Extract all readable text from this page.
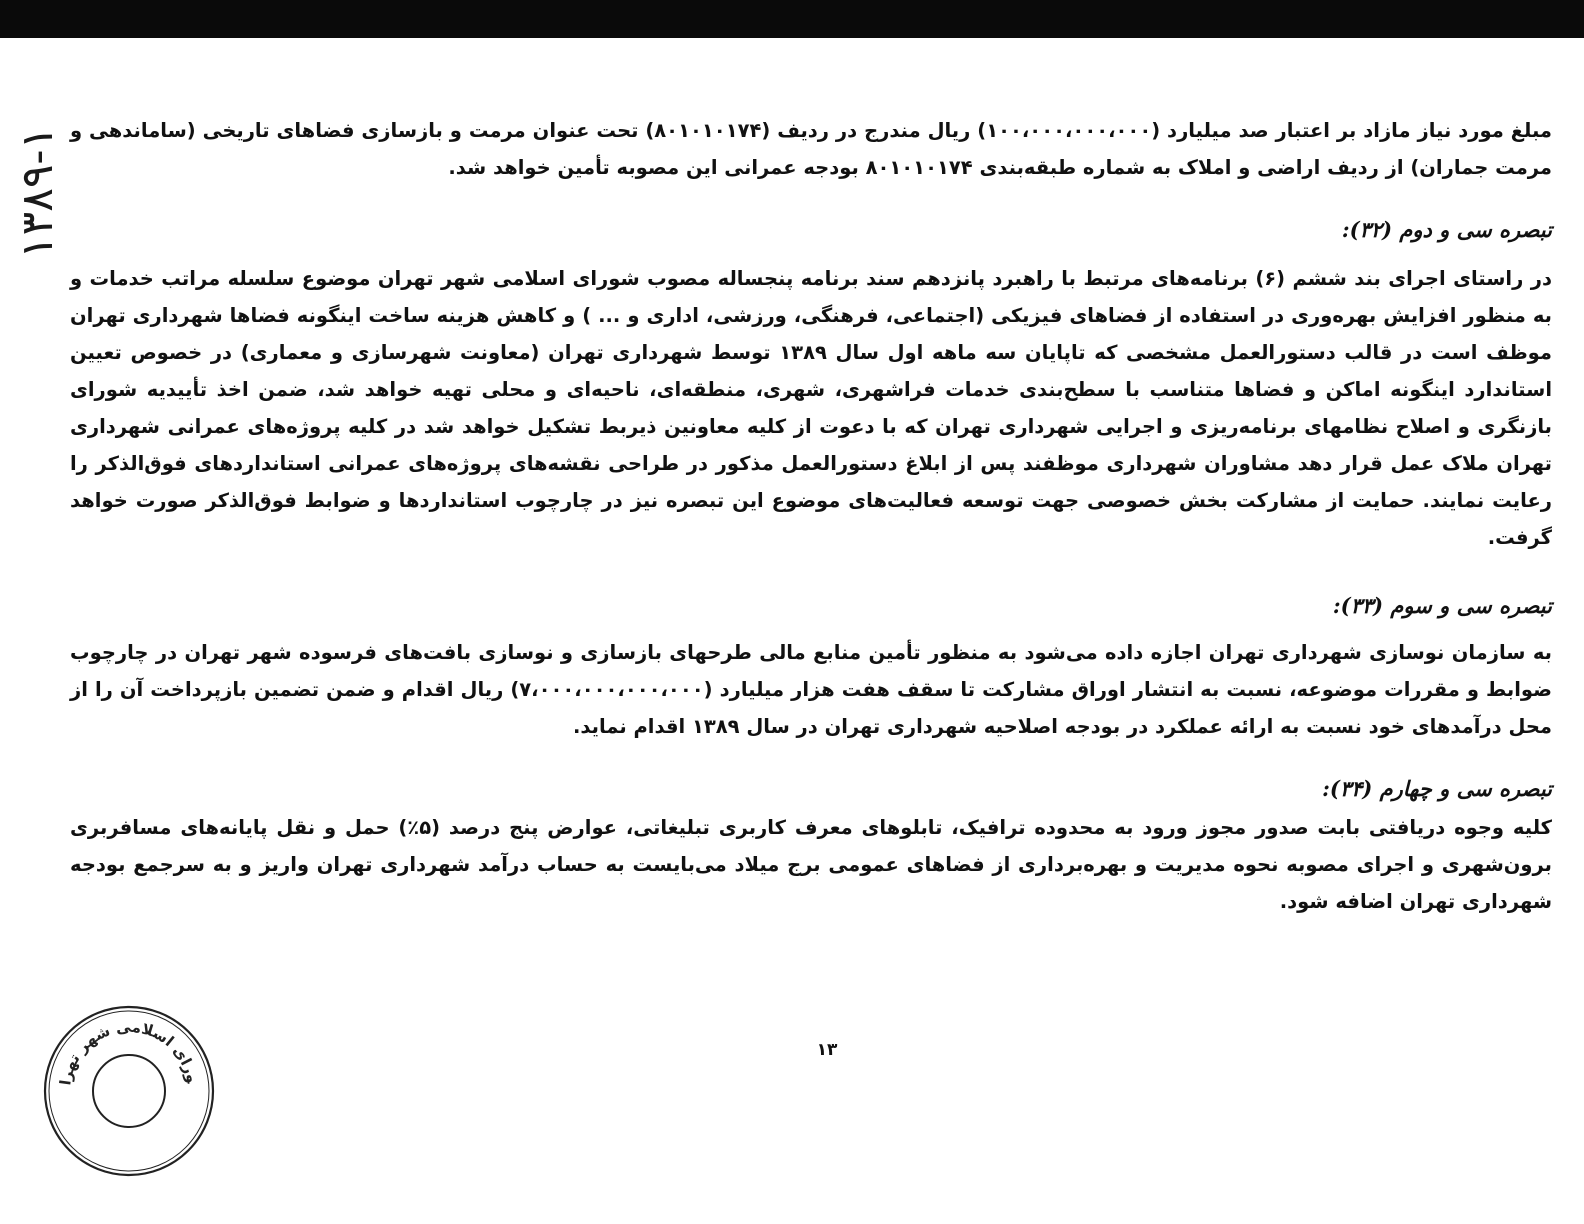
۱۳۸۹-۱ مبلغ مورد نیاز مازاد بر اعتبار صد میلیارد (۱۰۰،۰۰۰،۰۰۰،۰۰۰) ریال مندرج در ردیف (۸۰۱۰۱۰۱۷۴) تحت عنوان مرمت و بازسازی فضاهای تاریخی (ساماندهی و مرمت جماران) از ردیف اراضی و املاک به شماره طبقه‌بندی ۸۰۱۰۱۰۱۷۴ بودجه عمرانی این مصوبه تأمین خواهد شد.

تبصره سی و دوم (۳۲):

در راستای اجرای بند ششم (۶) برنامه‌های مرتبط با راهبرد پانزدهم سند برنامه پنجساله مصوب شورای اسلامی شهر تهران موضوع سلسله مراتب خدمات و به منظور افزایش بهره‌وری در استفاده از فضاهای فیزیکی (اجتماعی، فرهنگی، ورزشی، اداری و ... ) و کاهش هزینه ساخت اینگونه فضاها شهرداری تهران موظف است در قالب دستورالعمل مشخصی که تاپایان سه ماهه اول سال ۱۳۸۹ توسط شهرداری تهران (معاونت شهرسازی و معماری) در خصوص تعیین استاندارد اینگونه اماکن و فضاها متناسب با سطح‌بندی خدمات فراشهری، شهری، منطقه‌ای، ناحیه‌ای و محلی تهیه خواهد شد، ضمن اخذ تأییدیه شورای بازنگری و اصلاح نظامهای برنامه‌ریزی و اجرایی شهرداری تهران که با دعوت از کلیه معاونین ذیربط تشکیل خواهد شد در کلیه پروژه‌های عمرانی شهرداری تهران ملاک عمل قرار دهد مشاوران شهرداری موظفند پس از ابلاغ دستورالعمل مذکور در طراحی نقشه‌های پروژه‌های عمرانی استانداردهای فوق‌الذکر را رعایت نمایند. حمایت از مشارکت بخش خصوصی جهت توسعه فعالیت‌های موضوع این تبصره نیز در چارچوب استانداردها و ضوابط فوق‌الذکر صورت خواهد گرفت.

تبصره سی و سوم (۳۳):

به سازمان نوسازی شهرداری تهران اجازه داده می‌شود به منظور تأمین منابع مالی طرحهای بازسازی و نوسازی بافت‌های فرسوده شهر تهران در چارچوب ضوابط و مقررات موضوعه، نسبت به انتشار اوراق مشارکت تا سقف هفت هزار میلیارد (۷،۰۰۰،۰۰۰،۰۰۰،۰۰۰) ریال اقدام و ضمن تضمین بازپرداخت آن را از محل درآمدهای خود نسبت به ارائه عملکرد در بودجه اصلاحیه شهرداری تهران در سال ۱۳۸۹ اقدام نماید.

تبصره سی و چهارم (۳۴):

کلیه وجوه دریافتی بابت صدور مجوز ورود به محدوده ترافیک، تابلوهای معرف کاربری تبلیغاتی، عوارض پنج درصد (۵٪) حمل و نقل پایانه‌های مسافربری برون‌شهری و اجرای مصوبه نحوه مدیریت و بهره‌برداری از فضاهای عمومی برج میلاد می‌بایست به حساب درآمد شهرداری تهران واریز و به سرجمع بودجه شهرداری تهران اضافه شود.

۱۳
ورای اسلامی شهر تهرا
